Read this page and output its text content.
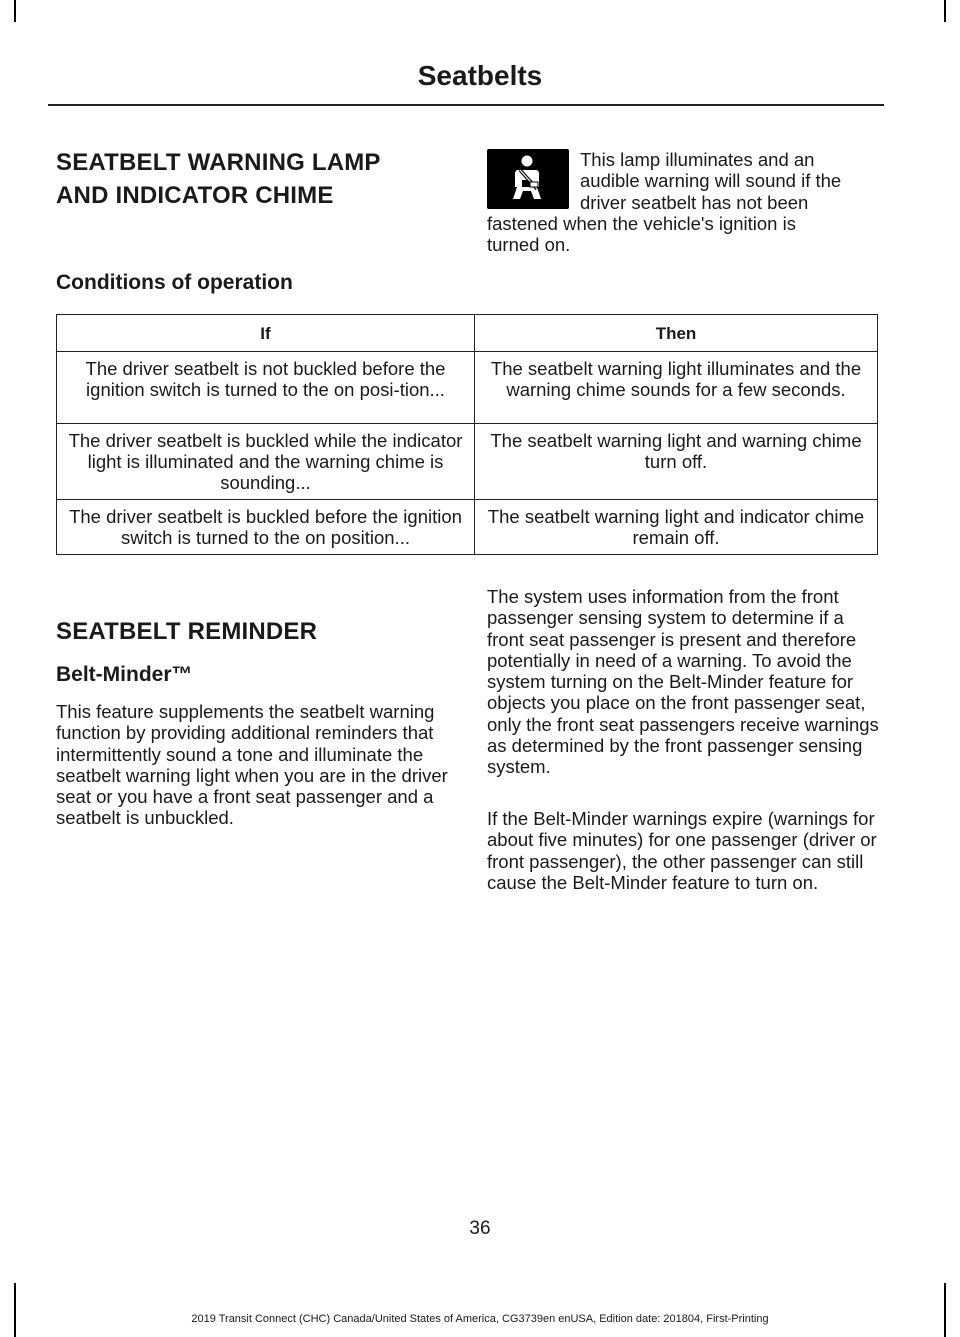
Seatbelts
SEATBELT WARNING LAMP
AND INDICATOR CHIME
This lamp illuminates and an
audible warning will sound if the
driver seatbelt has not been
fastened when the vehicle's ignition is
turned on.
Conditions of operation
If	Then
The driver seatbelt is not buckled before the ignition switch is turned to the on posi-tion...	The seatbelt warning light illuminates and the warning chime sounds for a few seconds.
The driver seatbelt is buckled while the indicator light is illuminated and the warning chime is sounding...	The seatbelt warning light and warning chime turn off.
The driver seatbelt is buckled before the ignition switch is turned to the on position...	The seatbelt warning light and indicator chime remain off.
SEATBELT REMINDER
Belt-Minder™

This feature supplements the seatbelt warning function by providing additional reminders that intermittently sound a tone and illuminate the seatbelt warning light when you are in the driver seat or you have a front seat passenger and a seatbelt is unbuckled.

The system uses information from the front passenger sensing system to determine if a front seat passenger is present and therefore potentially in need of a warning. To avoid the system turning on the Belt-Minder feature for objects you place on the front passenger seat, only the front seat passengers receive warnings as determined by the front passenger sensing system.

If the Belt-Minder warnings expire (warnings for about five minutes) for one passenger (driver or front passenger), the other passenger can still cause the Belt-Minder feature to turn on.

36
2019 Transit Connect (CHC) Canada/United States of America, CG3739en enUSA, Edition date: 201804, First-Printing
